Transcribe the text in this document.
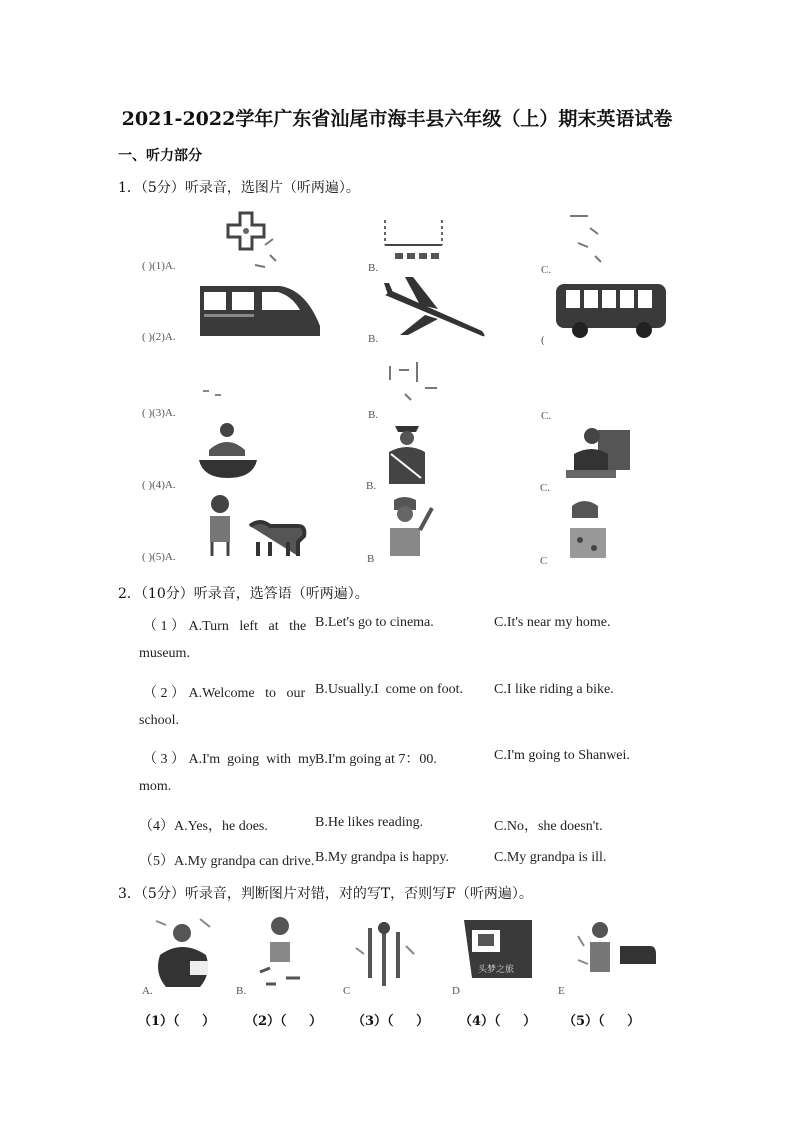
2021-2022学年广东省汕尾市海丰县六年级（上）期末英语试卷
一、听力部分
1．（5分）听录音，选图片（听两遍）。
( )(1)A.	B.	C.
( )(2)A.	B.	(
( )(3)A.	B.	C.
( )(4)A.	B.	C.
( )(5)A.	B	C
2．（10分）听录音，选答语（听两遍）。
（ 1 ） A.Turn   left   at   the B.Let's go to cinema.	C.It's near my home.
museum.
（ 2 ） A.Welcome   to   our B.Usually.I  come on foot. C.I like riding a bike.
school.
（ 3 ） A.I'm  going  with  my B.I'm going at 7：00.	C.I'm going to Shanwei.
mom.
（4）A.Yes，he does.	B.He likes reading.	C.No，she doesn't.
（5）A.My grandpa can drive. B.My grandpa is happy.	C.My grandpa is ill.
3．（5分）听录音，判断图片对错，对的写T，否则写F（听两遍）。
头梦之旅
A.	B.	C	D	E
（1）（     ） （2）（     ） （3）（     ） （4）（     ） （5）（     ）
